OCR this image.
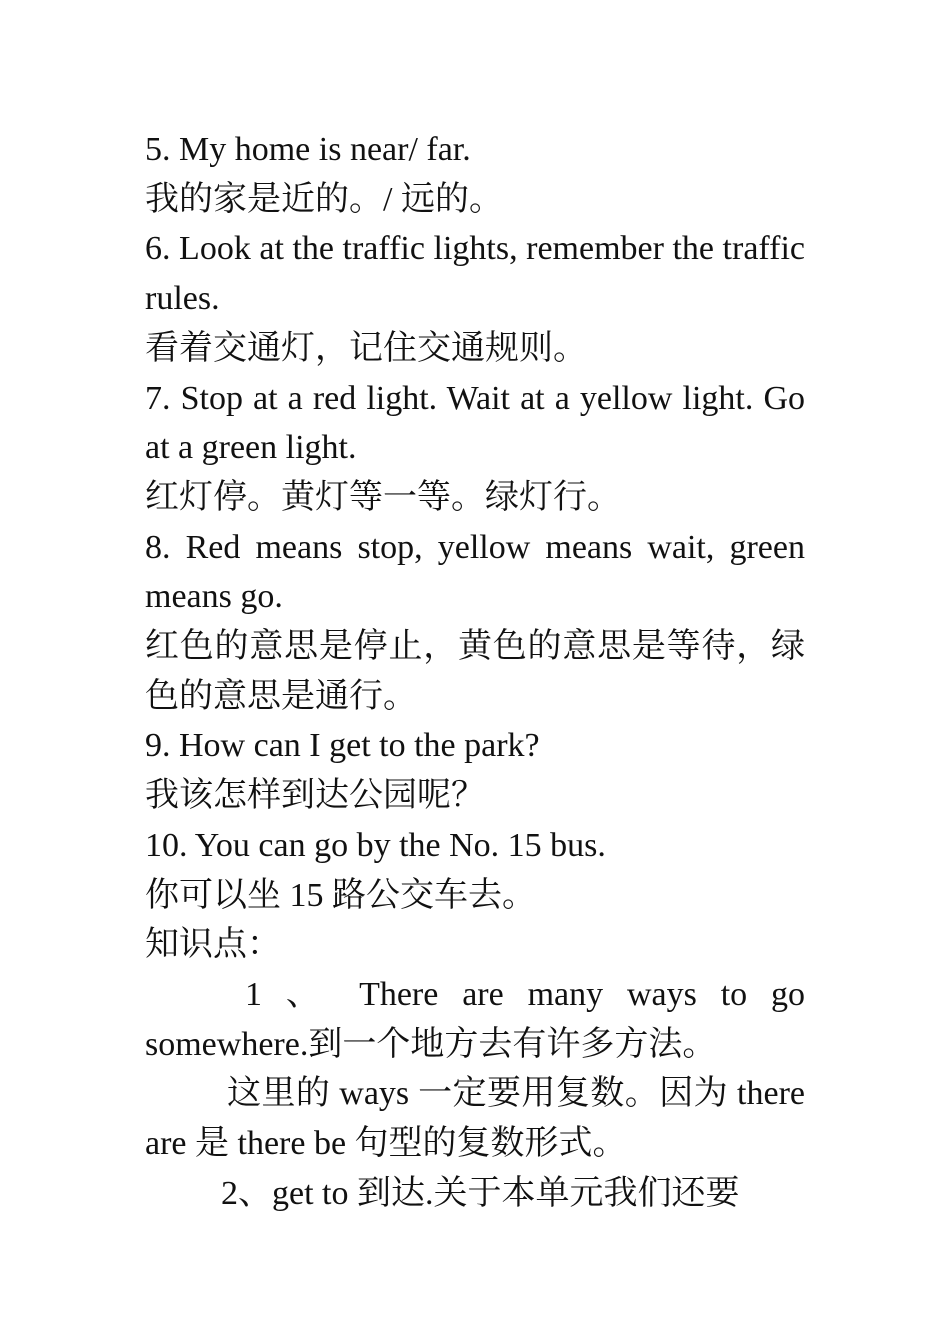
5. My home is near/ far.

我的家是近的。/ 远的。

6. Look at the traffic lights, remember the traffic rules.

看着交通灯，记住交通规则。

7. Stop at a red light. Wait at a yellow light. Go at a green light.

红灯停。黄灯等一等。绿灯行。

8. Red means stop, yellow means wait, green means go.

红色的意思是停止，黄色的意思是等待，绿色的意思是通行。

9. How can I get to the park?

我该怎样到达公园呢？

10. You can go by the No. 15 bus.

你可以坐 15 路公交车去。

知识点：

1 、 There are many ways to go somewhere.到一个地方去有许多方法。

这里的 ways 一定要用复数。因为 there are 是 there be 句型的复数形式。

2、get to 到达.关于本单元我们还要
